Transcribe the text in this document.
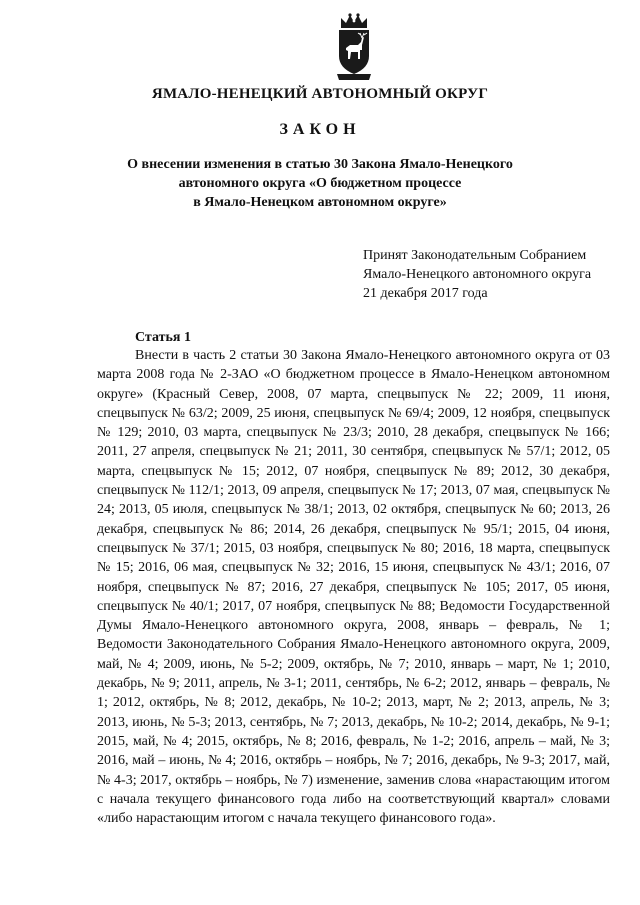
ЯМАЛО-НЕНЕЦКИЙ АВТОНОМНЫЙ ОКРУГ
ЗАКОН
О внесении изменения в статью 30 Закона Ямало-Ненецкого
автономного округа «О бюджетном процессе
в Ямало-Ненецком автономном округе»
Принят Законодательным Собранием
Ямало-Ненецкого автономного округа
21 декабря 2017 года
Статья 1

Внести в часть 2 статьи 30 Закона Ямало-Ненецкого автономного округа от 03 марта 2008 года № 2-ЗАО «О бюджетном процессе в Ямало-Ненецком автономном округе» (Красный Север, 2008, 07 марта, спецвыпуск № 22; 2009, 11 июня, спецвыпуск № 63/2; 2009, 25 июня, спецвыпуск № 69/4; 2009, 12 ноября, спецвыпуск № 129; 2010, 03 марта, спецвыпуск № 23/3; 2010, 28 декабря, спецвыпуск № 166; 2011, 27 апреля, спецвыпуск № 21; 2011, 30 сентября, спецвыпуск № 57/1; 2012, 05 марта, спецвыпуск № 15; 2012, 07 ноября, спецвыпуск № 89; 2012, 30 декабря, спецвыпуск № 112/1; 2013, 09 апреля, спецвыпуск № 17; 2013, 07 мая, спецвыпуск № 24; 2013, 05 июля, спецвыпуск № 38/1; 2013, 02 октября, спецвыпуск № 60; 2013, 26 декабря, спецвыпуск № 86; 2014, 26 декабря, спецвыпуск № 95/1; 2015, 04 июня, спецвыпуск № 37/1; 2015, 03 ноября, спецвыпуск № 80; 2016, 18 марта, спецвыпуск № 15; 2016, 06 мая, спецвыпуск № 32; 2016, 15 июня, спецвыпуск № 43/1; 2016, 07 ноября, спецвыпуск № 87; 2016, 27 декабря, спецвыпуск № 105; 2017, 05 июня, спецвыпуск № 40/1; 2017, 07 ноября, спецвыпуск № 88; Ведомости Государственной Думы Ямало-Ненецкого автономного округа, 2008, январь – февраль, № 1; Ведомости Законодательного Собрания Ямало-Ненецкого автономного округа, 2009, май, № 4; 2009, июнь, № 5-2; 2009, октябрь, № 7; 2010, январь – март, № 1; 2010, декабрь, № 9; 2011, апрель, № 3-1; 2011, сентябрь, № 6-2; 2012, январь – февраль, № 1; 2012, октябрь, № 8; 2012, декабрь, № 10-2; 2013, март, № 2; 2013, апрель, № 3; 2013, июнь, № 5-3; 2013, сентябрь, № 7; 2013, декабрь, № 10-2; 2014, декабрь, № 9-1; 2015, май, № 4; 2015, октябрь, № 8; 2016, февраль, № 1-2; 2016, апрель – май, № 3; 2016, май – июнь, № 4; 2016, октябрь – ноябрь, № 7; 2016, декабрь, № 9-3; 2017, май, № 4-3; 2017, октябрь – ноябрь, № 7) изменение, заменив слова «нарастающим итогом с начала текущего финансового года либо на соответствующий квартал» словами «либо нарастающим итогом с начала текущего финансового года».
